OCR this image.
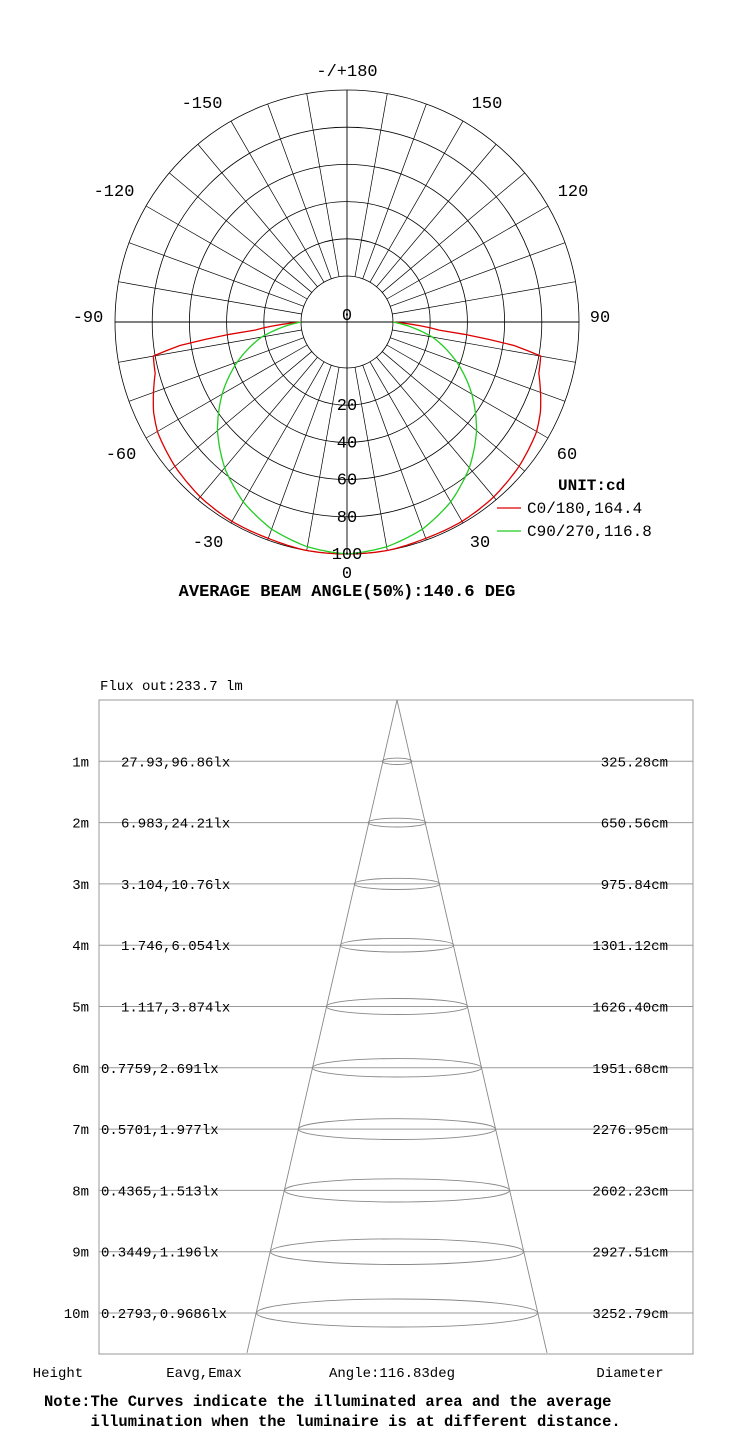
-/+180
-150	150
-120	120
-90	90
-60	60
-30	30
0
0
20
40
60
80
100
UNIT:cd
C0/180,164.4
C90/270,116.8
AVERAGE BEAM ANGLE(50%):140.6 DEG
Flux out:233.7 lm
1m 27.93,96.86lx	325.28cm
2m 6.983,24.21lx	650.56cm
3m 3.104,10.76lx	975.84cm
4m 1.746,6.054lx	1301.12cm
5m 1.117,3.874lx	1626.40cm
6m 0.7759,2.691lx	1951.68cm
7m 0.5701,1.977lx	2276.95cm
8m 0.4365,1.513lx	2602.23cm
9m 0.3449,1.196lx	2927.51cm
10m 0.2793,0.9686lx	3252.79cm
Height	Eavg,Emax	Angle:116.83deg	Diameter
Note:The Curves indicate the illuminated area and the average
illumination when the luminaire is at different distance.
